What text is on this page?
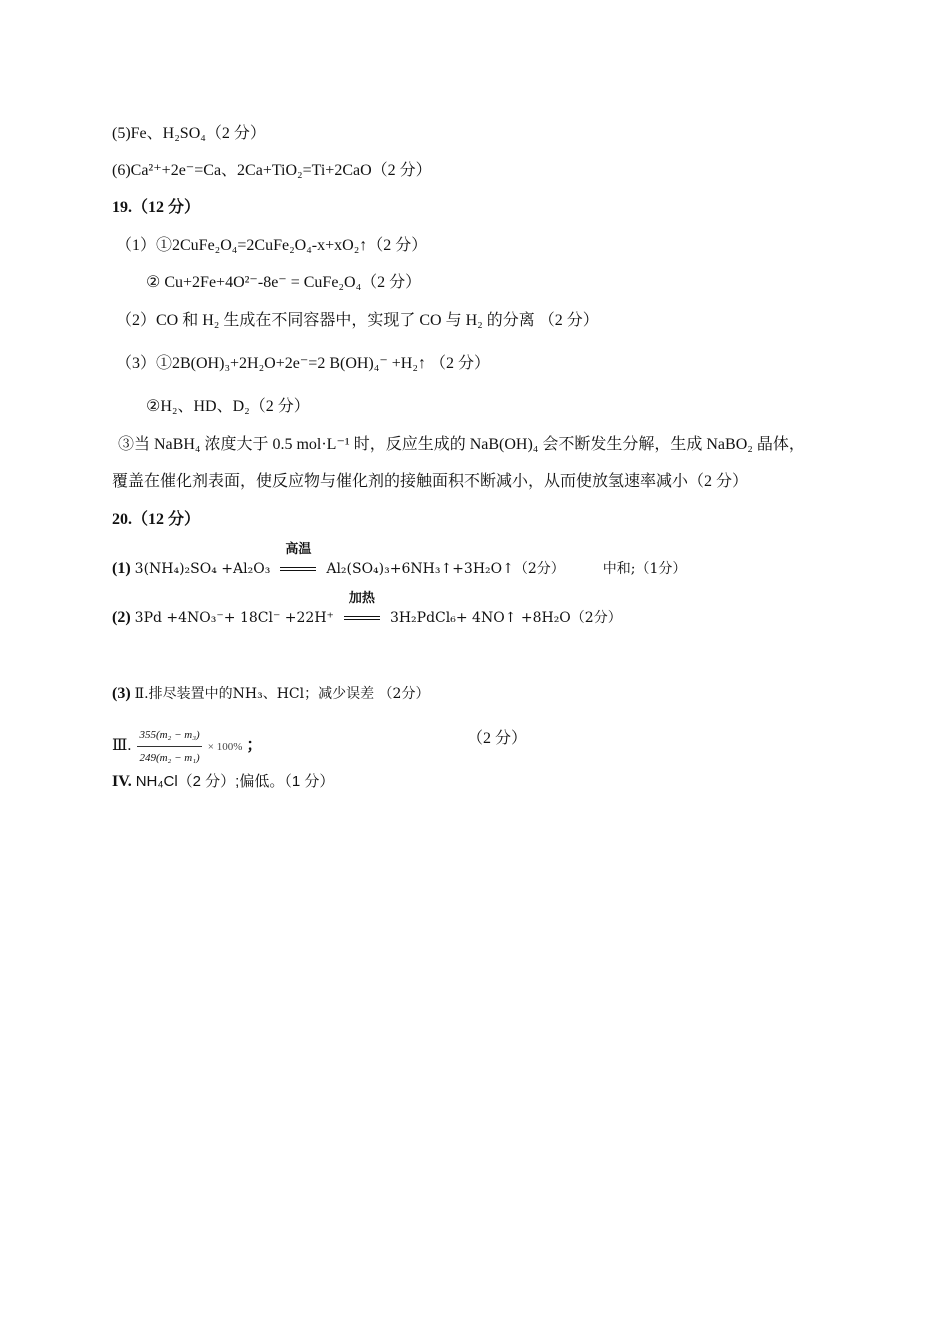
(5)Fe、H₂SO₄（2 分）
(6)Ca²⁺+2e⁻=Ca、2Ca+TiO₂=Ti+2CaO（2 分）
19.（12 分）
（1）①2CuFe₂O₄=2CuFe₂O₄-x+xO₂↑（2 分）
② Cu+2Fe+4O²⁻-8e⁻ = CuFe₂O₄（2 分）
（2）CO 和 H₂ 生成在不同容器中，实现了 CO 与 H₂ 的分离 （2 分）
（3）①2B(OH)₃+2H₂O+2e⁻=2 B(OH)₄⁻ +H₂↑ （2 分）
②H₂、HD、D₂（2 分）
③当 NaBH₄ 浓度大于 0.5 mol·L⁻¹ 时，反应生成的 NaB(OH)₄ 会不断发生分解，生成 NaBO₂ 晶体，
覆盖在催化剂表面，使反应物与催化剂的接触面积不断减小，从而使放氢速率减小（2 分）
20.（12 分）
(1) 3(NH₄)₂SO₄ +Al₂O₃
高温
Al₂(SO₄)₃+6NH₃↑+3H₂O↑（2分）	中和;（1分）
(2) 3Pd +4NO₃⁻+ 18Cl⁻ +22H⁺
加热
3H₂PdCl₆+ 4NO↑ +8H₂O（2分）
(3) Ⅱ.排尽装置中的NH₃、HCl；减少误差 （2分）
Ⅲ. $\frac{\text{355(m₂ − m₃)}}{\text{249(m₂ − m₁)}} \times 100\%$ ；	（2 分）
IV. NH₄Cl（2 分）;偏低。（1 分）
